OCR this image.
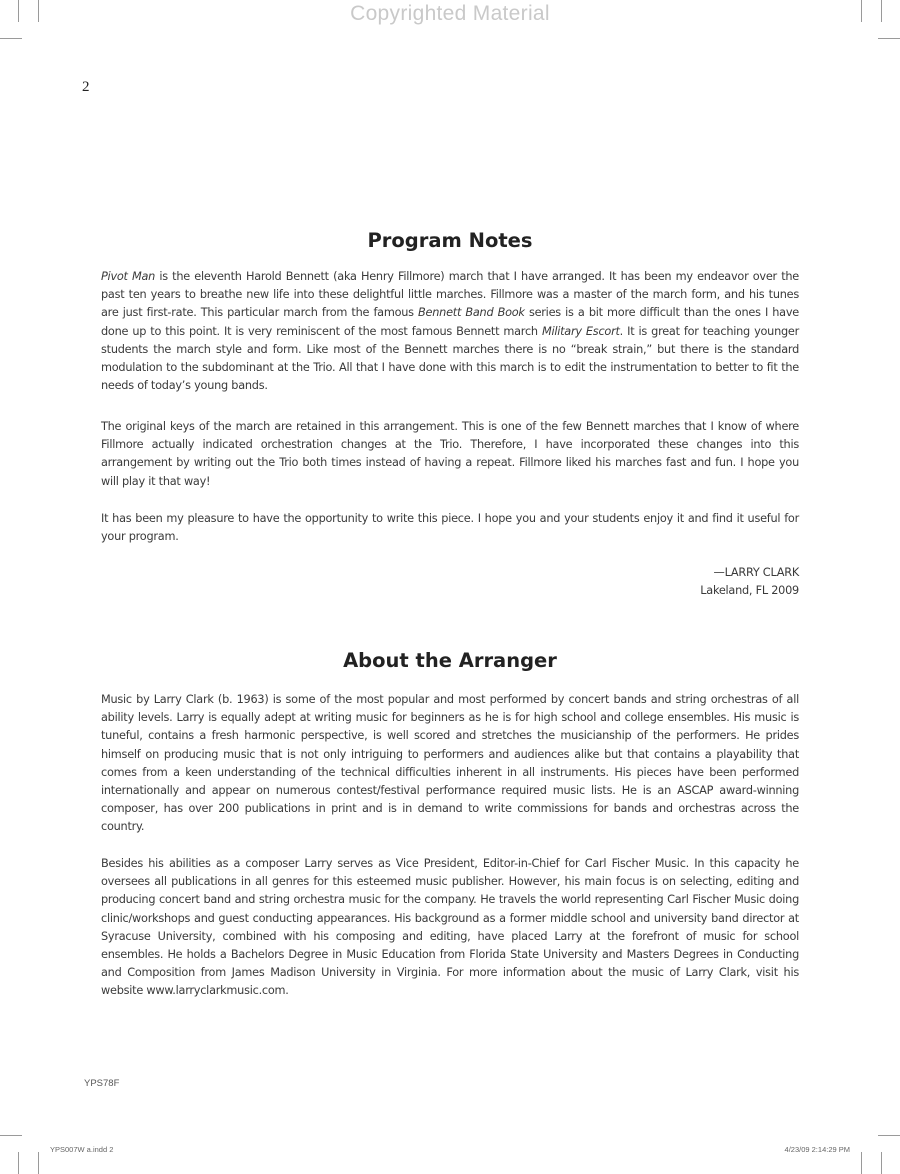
Copyrighted Material
2
Program Notes

Pivot Man is the eleventh Harold Bennett (aka Henry Fillmore) march that I have arranged. It has been my endeavor over the past ten years to breathe new life into these delightful little marches. Fillmore was a master of the march form, and his tunes are just first-rate. This particular march from the famous Bennett Band Book series is a bit more difficult than the ones I have done up to this point. It is very reminiscent of the most famous Bennett march Military Escort. It is great for teaching younger students the march style and form. Like most of the Bennett marches there is no “break strain,” but there is the standard modulation to the subdominant at the Trio. All that I have done with this march is to edit the instrumentation to better to fit the needs of today’s young bands.

The original keys of the march are retained in this arrangement. This is one of the few Bennett marches that I know of where Fillmore actually indicated orchestration changes at the Trio. Therefore, I have incorporated these changes into this arrangement by writing out the Trio both times instead of having a repeat. Fillmore liked his marches fast and fun. I hope you will play it that way!

It has been my pleasure to have the opportunity to write this piece. I hope you and your students enjoy it and find it useful for your program.

—LARRY CLARK
Lakeland, FL 2009
About the Arranger

Music by Larry Clark (b. 1963) is some of the most popular and most performed by concert bands and string orchestras of all ability levels. Larry is equally adept at writing music for beginners as he is for high school and college ensembles. His music is tuneful, contains a fresh harmonic perspective, is well scored and stretches the musicianship of the performers. He prides himself on producing music that is not only intriguing to performers and audiences alike but that contains a playability that comes from a keen understanding of the technical difficulties inherent in all instruments. His pieces have been performed internationally and appear on numerous contest/festival performance required music lists. He is an ASCAP award-winning composer, has over 200 publications in print and is in demand to write commissions for bands and orchestras across the country.

Besides his abilities as a composer Larry serves as Vice President, Editor-in-Chief for Carl Fischer Music. In this capacity he oversees all publications in all genres for this esteemed music publisher. However, his main focus is on selecting, editing and producing concert band and string orchestra music for the company. He travels the world representing Carl Fischer Music doing clinic/workshops and guest conducting appearances. His background as a former middle school and university band director at Syracuse University, combined with his composing and editing, have placed Larry at the forefront of music for school ensembles. He holds a Bachelors Degree in Music Education from Florida State University and Masters Degrees in Conducting and Composition from James Madison University in Virginia. For more information about the music of Larry Clark, visit his website www.larryclarkmusic.com.

YPS78F
YPS007W a.indd 2	4/23/09 2:14:29 PM
